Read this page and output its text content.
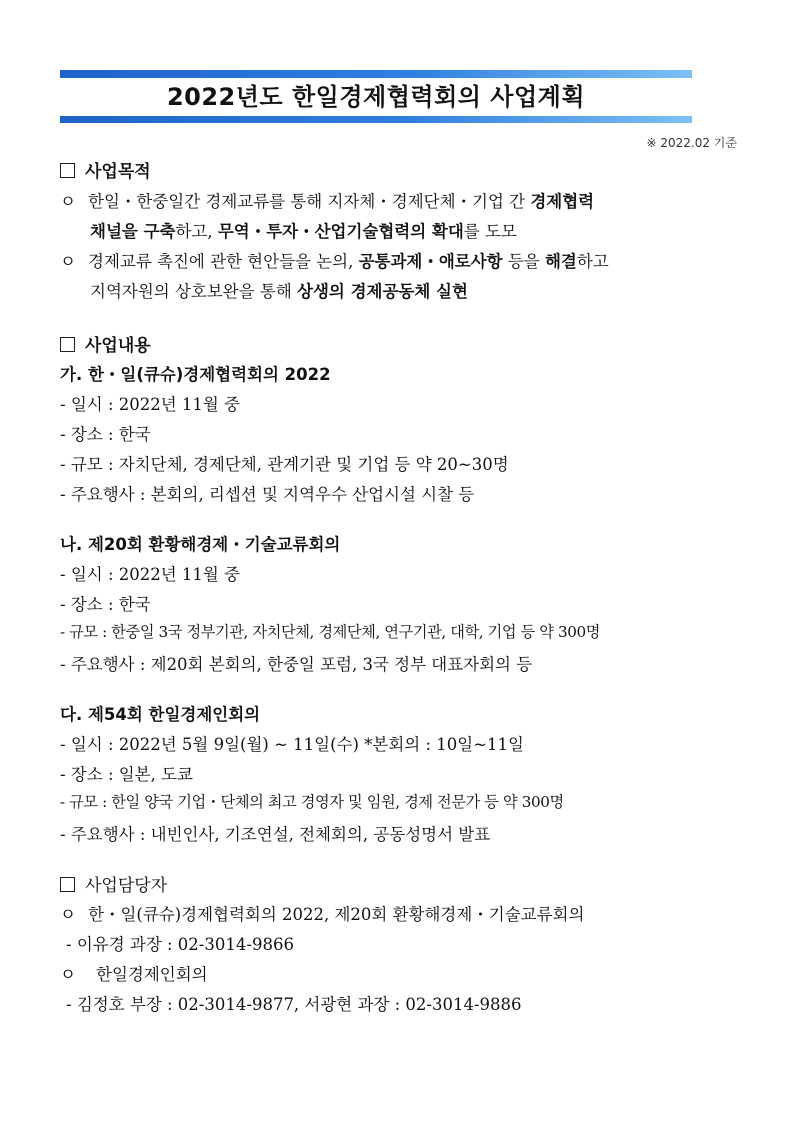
2022년도 한일경제협력회의 사업계획
※ 2022.02 기준
사업목적
ㅇ 한일・한중일간 경제교류를 통해 지자체・경제단체・기업 간 경제협력
채널을 구축하고, 무역・투자・산업기술협력의 확대를 도모
ㅇ 경제교류 촉진에 관한 현안들을 논의, 공통과제・애로사항 등을 해결하고
지역자원의 상호보완을 통해 상생의 경제공동체 실현
사업내용
가. 한・일(큐슈)경제협력회의 2022
- 일시 : 2022년 11월 중
- 장소 : 한국
- 규모 : 자치단체, 경제단체, 관계기관 및 기업 등 약 20~30명
- 주요행사 : 본회의, 리셉션 및 지역우수 산업시설 시찰 등
나. 제20회 환황해경제・기술교류회의
- 일시 : 2022년 11월 중
- 장소 : 한국
- 규모 : 한중일 3국 정부기관, 자치단체, 경제단체, 연구기관, 대학, 기업 등 약 300명
- 주요행사 : 제20회 본회의, 한중일 포럼, 3국 정부 대표자회의 등
다. 제54회 한일경제인회의
- 일시 : 2022년 5월 9일(월) ~ 11일(수) *본회의 : 10일~11일
- 장소 : 일본, 도쿄
- 규모 : 한일 양국 기업・단체의 최고 경영자 및 임원, 경제 전문가 등 약 300명
- 주요행사 : 내빈인사, 기조연설, 전체회의, 공동성명서 발표
사업담당자
ㅇ 한・일(큐슈)경제협력회의 2022, 제20회 환황해경제・기술교류회의
- 이유경 과장 : 02-3014-9866
ㅇ 한일경제인회의
- 김정호 부장 : 02-3014-9877, 서광현 과장 : 02-3014-9886
